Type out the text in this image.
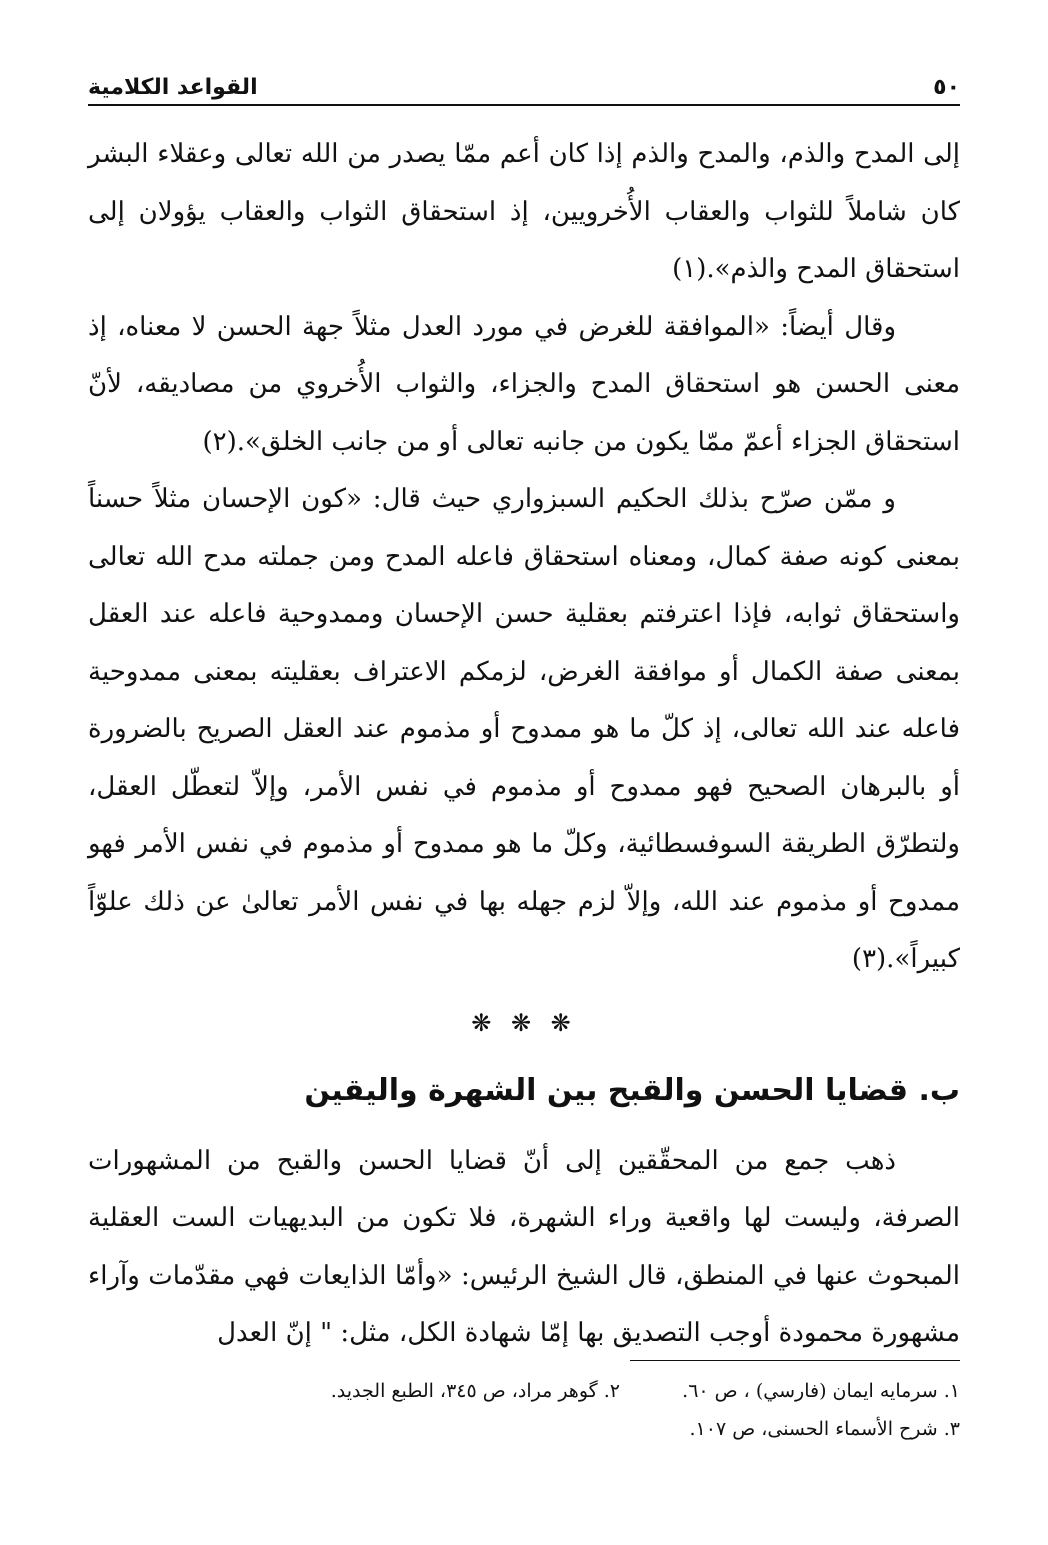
٥٠
القواعد الكلامية

إلى المدح والذم، والمدح والذم إذا كان أعم ممّا يصدر من الله تعالى وعقلاء البشر كان شاملاً للثواب والعقاب الأُخرويين، إذ استحقاق الثواب والعقاب يؤولان إلى استحقاق المدح والذم».(١)

وقال أيضاً: «الموافقة للغرض في مورد العدل مثلاً جهة الحسن لا معناه، إذ معنى الحسن هو استحقاق المدح والجزاء، والثواب الأُخروي من مصاديقه، لأنّ استحقاق الجزاء أعمّ ممّا يكون من جانبه تعالى أو من جانب الخلق».(٢)

و ممّن صرّح بذلك الحكيم السبزواري حيث قال: «كون الإحسان مثلاً حسناً بمعنى كونه صفة كمال، ومعناه استحقاق فاعله المدح ومن جملته مدح الله تعالى واستحقاق ثوابه، فإذا اعترفتم بعقلية حسن الإحسان وممدوحية فاعله عند العقل بمعنى صفة الكمال أو موافقة الغرض، لزمكم الاعتراف بعقليته بمعنى ممدوحية فاعله عند الله تعالى، إذ كلّ ما هو ممدوح أو مذموم عند العقل الصريح بالضرورة أو بالبرهان الصحيح فهو ممدوح أو مذموم في نفس الأمر، وإلاّ لتعطّل العقل، ولتطرّق الطريقة السوفسطائية، وكلّ ما هو ممدوح أو مذموم في نفس الأمر فهو ممدوح أو مذموم عند الله، وإلاّ لزم جهله بها في نفس الأمر تعالىٰ عن ذلك علوّاً كبيراً».(٣)

❋ ❋ ❋
ب. قضايا الحسن والقبح بين الشهرة واليقين

ذهب جمع من المحقّقين إلى أنّ قضايا الحسن والقبح من المشهورات الصرفة، وليست لها واقعية وراء الشهرة، فلا تكون من البديهيات الست العقلية المبحوث عنها في المنطق، قال الشيخ الرئيس: «وأمّا الذايعات فهي مقدّمات وآراء مشهورة محمودة أوجب التصديق بها إمّا شهادة الكل، مثل: " إنّ العدل

١. سرمايه ايمان (فارسي) ، ص ٦٠.
٢. گوهر مراد، ص ٣٤٥، الطبع الجديد.
٣. شرح الأسماء الحسنى، ص ١٠٧.
